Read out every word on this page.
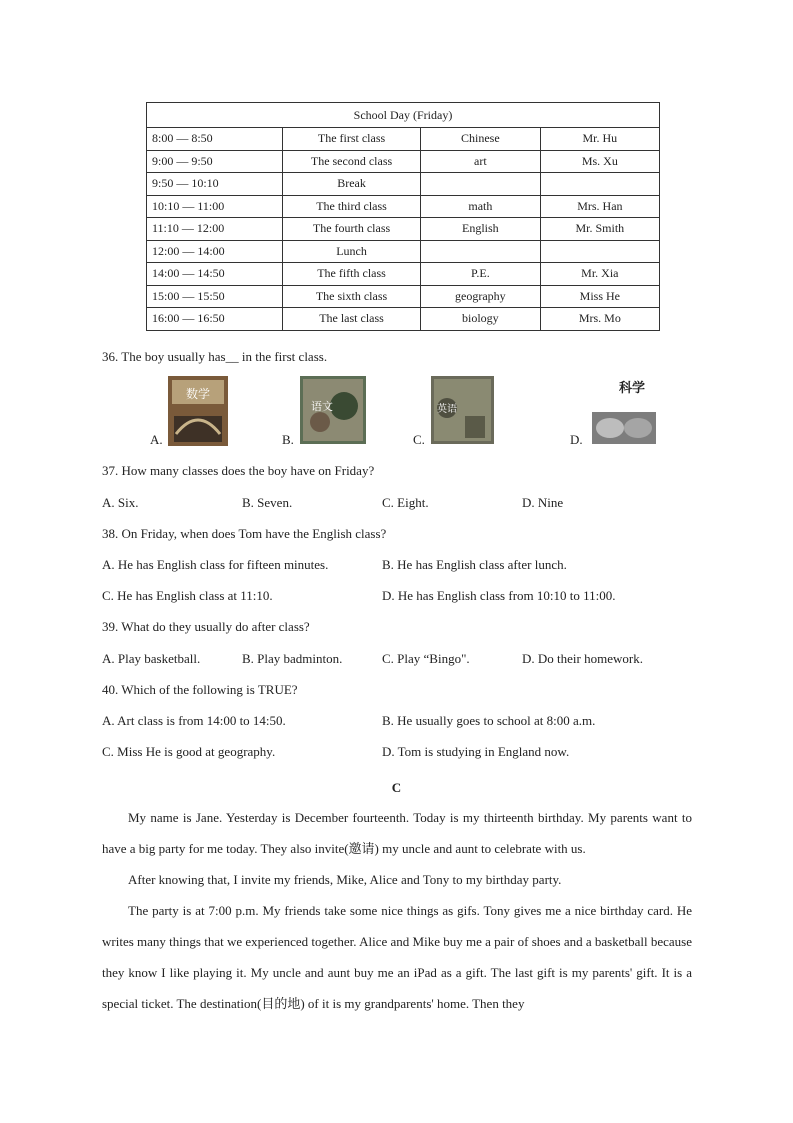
School Day (Friday)			
8:00 — 8:50	The first class	Chinese	Mr. Hu
9:00 — 9:50	The second class	art	Ms. Xu
9:50 — 10:10	Break		
10:10 — 11:00	The third class	math	Mrs. Han
11:10 — 12:00	The fourth class	English	Mr. Smith
12:00 — 14:00	Lunch		
14:00 — 14:50	The fifth class	P.E.	Mr. Xia
15:00 — 15:50	The sixth class	geography	Miss He
16:00 — 16:50	The last class	biology	Mrs. Mo
36. The boy usually has__ in the first class.
A.
数学
B.
语文
C.
英语
D.
科学
37. How many classes does the boy have on Friday?
A. Six.	B. Seven.	C. Eight.	D. Nine
38. On Friday, when does Tom have the English class?
A. He has English class for fifteen minutes.	B. He has English class after lunch.
C. He has English class at 11:10.	D. He has English class from 10:10 to 11:00.
39. What do they usually do after class?
A. Play basketball.	B. Play badminton.	C. Play “Bingo".	D. Do their homework.
40. Which of the following is TRUE?
A. Art class is from 14:00 to 14:50.	B. He usually goes to school at 8:00 a.m.
C. Miss He is good at geography.	D. Tom is studying in England now.
C
My name is Jane. Yesterday is December fourteenth. Today is my thirteenth birthday. My parents want to have a big party for me today. They also invite(邀请) my uncle and aunt to celebrate with us.
After knowing that, I invite my friends, Mike, Alice and Tony to my birthday party.
The party is at 7:00 p.m. My friends take some nice things as gifs. Tony gives me a nice birthday card. He writes many things that we experienced together. Alice and Mike buy me a pair of shoes and a basketball because they know I like playing it. My uncle and aunt buy me an iPad as a gift. The last gift is my parents' gift. It is a special ticket. The destination(目的地) of it is my grandparents' home. Then they
